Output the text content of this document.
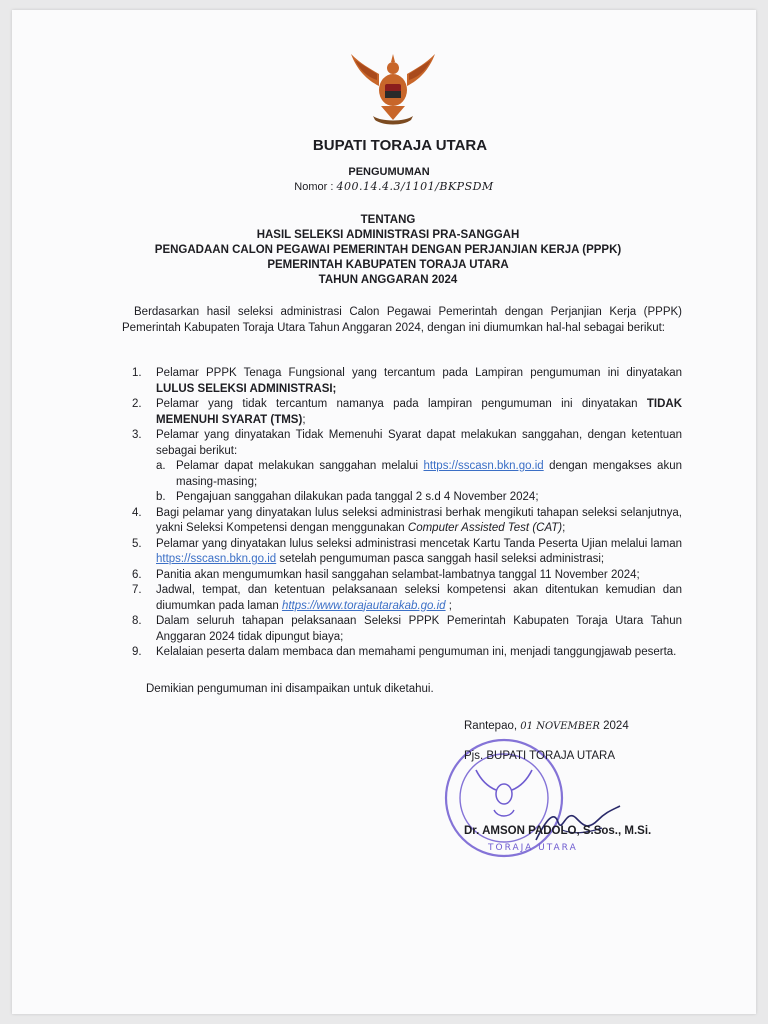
BUPATI TORAJA UTARA
PENGUMUMAN
Nomor : 400.14.4.3/1101/BKPSDM
TENTANG
HASIL SELEKSI ADMINISTRASI PRA-SANGGAH
PENGADAAN CALON PEGAWAI PEMERINTAH DENGAN PERJANJIAN KERJA (PPPK)
PEMERINTAH KABUPATEN TORAJA UTARA
TAHUN ANGGARAN 2024
Berdasarkan hasil seleksi administrasi Calon Pegawai Pemerintah dengan Perjanjian Kerja (PPPK) Pemerintah Kabupaten Toraja Utara Tahun Anggaran 2024, dengan ini diumumkan hal-hal sebagai berikut:
1. Pelamar PPPK Tenaga Fungsional yang tercantum pada Lampiran pengumuman ini dinyatakan LULUS SELEKSI ADMINISTRASI;
2. Pelamar yang tidak tercantum namanya pada lampiran pengumuman ini dinyatakan TIDAK MEMENUHI SYARAT (TMS);
3. Pelamar yang dinyatakan Tidak Memenuhi Syarat dapat melakukan sanggahan, dengan ketentuan sebagai berikut:
a. Pelamar dapat melakukan sanggahan melalui https://sscasn.bkn.go.id dengan mengakses akun masing-masing;
b. Pengajuan sanggahan dilakukan pada tanggal 2 s.d 4 November 2024;
4. Bagi pelamar yang dinyatakan lulus seleksi administrasi berhak mengikuti tahapan seleksi selanjutnya, yakni Seleksi Kompetensi dengan menggunakan Computer Assisted Test (CAT);
5. Pelamar yang dinyatakan lulus seleksi administrasi mencetak Kartu Tanda Peserta Ujian melalui laman https://sscasn.bkn.go.id setelah pengumuman pasca sanggah hasil seleksi administrasi;
6. Panitia akan mengumumkan hasil sanggahan selambat-lambatnya tanggal 11 November 2024;
7. Jadwal, tempat, dan ketentuan pelaksanaan seleksi kompetensi akan ditentukan kemudian dan diumumkan pada laman https://www.torajautarakab.go.id ;
8. Dalam seluruh tahapan pelaksanaan Seleksi PPPK Pemerintah Kabupaten Toraja Utara Tahun Anggaran 2024 tidak dipungut biaya;
9. Kelalaian peserta dalam membaca dan memahami pengumuman ini, menjadi tanggungjawab peserta.
Demikian pengumuman ini disampaikan untuk diketahui.
TORAJA UTARA
Rantepao, 01 NOVEMBER 2024
Pjs. BUPATI TORAJA UTARA
Dr. AMSON PADOLO, S.Sos., M.Si.
